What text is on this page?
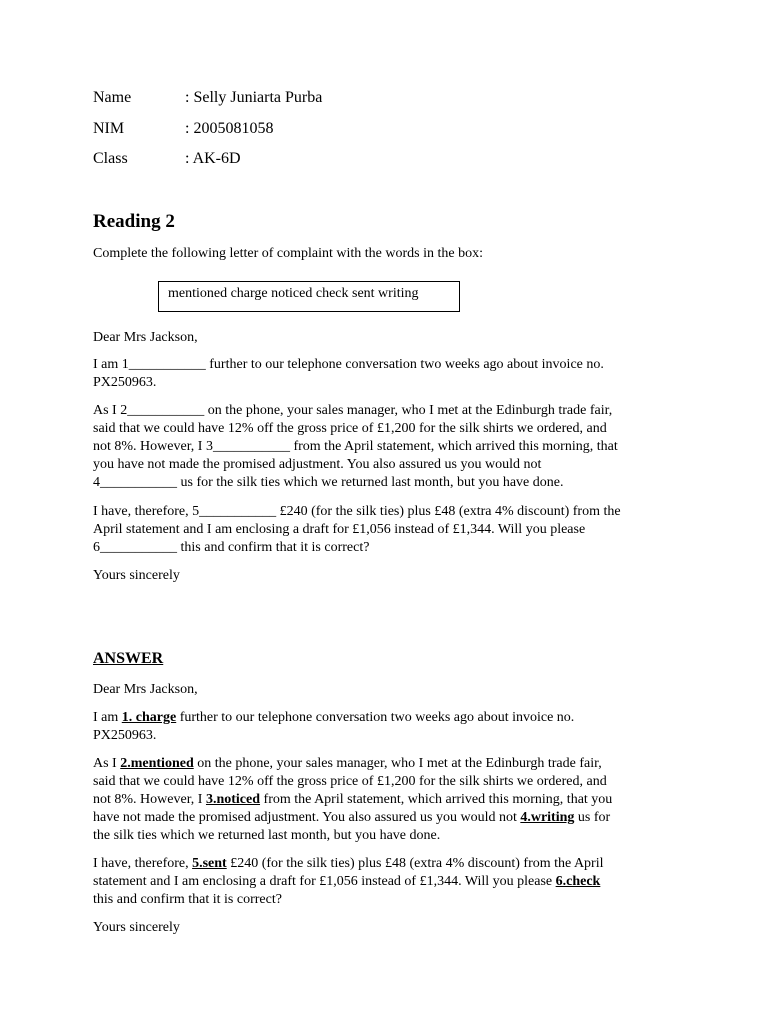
Name	: Selly Juniarta Purba
NIM	: 2005081058
Class	: AK-6D
Reading 2
Complete the following letter of complaint with the words in the box:
mentioned charge noticed check sent writing
Dear Mrs Jackson,
I am 1___________ further to our telephone conversation two weeks ago about invoice no.
PX250963.
As I 2___________ on the phone, your sales manager, who I met at the Edinburgh trade fair,
said that we could have 12% off the gross price of £1,200 for the silk shirts we ordered, and
not 8%. However, I 3___________ from the April statement, which arrived this morning, that
you have not made the promised adjustment. You also assured us you would not
4___________ us for the silk ties which we returned last month, but you have done.
I have, therefore, 5___________ £240 (for the silk ties) plus £48 (extra 4% discount) from the
April statement and I am enclosing a draft for £1,056 instead of £1,344. Will you please
6___________ this and confirm that it is correct?
Yours sincerely
ANSWER
Dear Mrs Jackson,
I am 1. charge further to our telephone conversation two weeks ago about invoice no.
PX250963.
As I 2.mentioned on the phone, your sales manager, who I met at the Edinburgh trade fair,
said that we could have 12% off the gross price of £1,200 for the silk shirts we ordered, and
not 8%. However, I 3.noticed from the April statement, which arrived this morning, that you
have not made the promised adjustment. You also assured us you would not 4.writing us for
the silk ties which we returned last month, but you have done.
I have, therefore, 5.sent £240 (for the silk ties) plus £48 (extra 4% discount) from the April
statement and I am enclosing a draft for £1,056 instead of £1,344. Will you please 6.check
this and confirm that it is correct?
Yours sincerely
